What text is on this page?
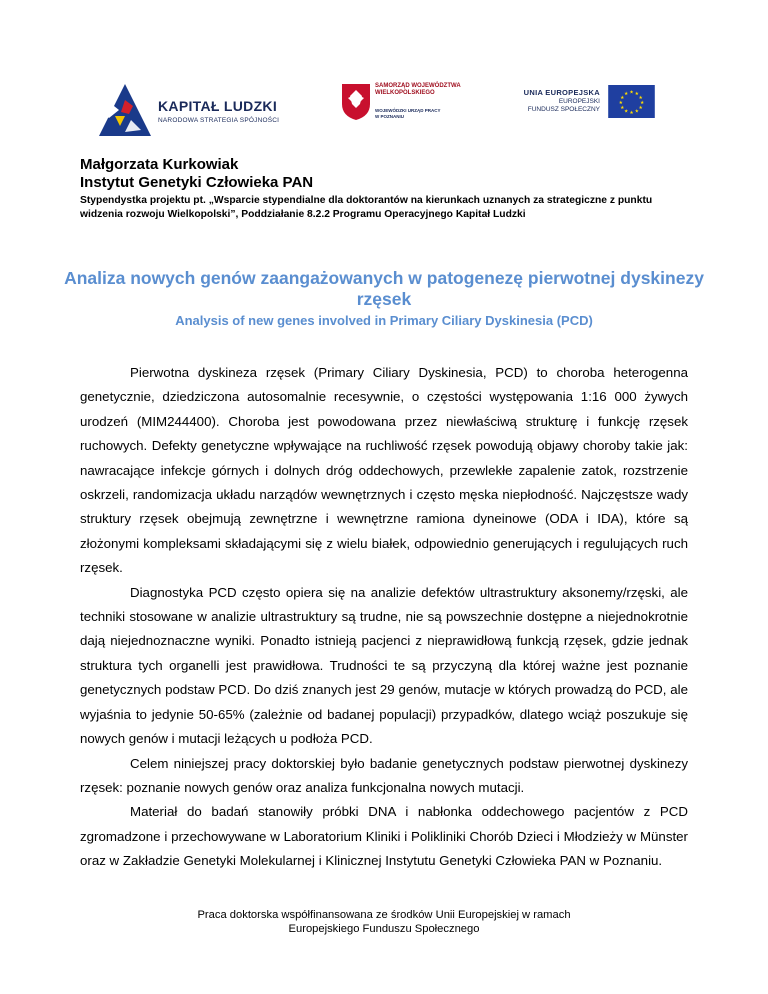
KAPITAŁ LUDZKI
NARODOWA STRATEGIA SPÓJNOŚCI
SAMORZĄD WOJEWÓDZTWA
WIELKOPOLSKIEGO
WOJEWÓDZKI URZĄD PRACY
W POZNANIU
UNIA EUROPEJSKA
EUROPEJSKI
FUNDUSZ SPOŁECZNY
★ ★
★
★
★
★
★
★
★
★
★
★
Małgorzata Kurkowiak
Instytut Genetyki Człowieka PAN
Stypendystka projektu pt. „Wsparcie stypendialne dla doktorantów na kierunkach uznanych za strategiczne z punktu widzenia rozwoju Wielkopolski”, Poddziałanie 8.2.2 Programu Operacyjnego Kapitał Ludzki
Analiza nowych genów zaangażowanych w patogenezę pierwotnej dyskinezy rzęsek
Analysis of new genes involved in Primary Ciliary Dyskinesia (PCD)

Pierwotna dyskineza rzęsek (Primary Ciliary Dyskinesia, PCD) to choroba heterogenna genetycznie, dziedziczona autosomalnie recesywnie, o częstości występowania 1:16 000 żywych urodzeń (MIM244400). Choroba jest powodowana przez niewłaściwą strukturę i funkcję rzęsek ruchowych. Defekty genetyczne wpływające na ruchliwość rzęsek powodują objawy choroby takie jak: nawracające infekcje górnych i dolnych dróg oddechowych, przewlekłe zapalenie zatok, rozstrzenie oskrzeli, randomizacja układu narządów wewnętrznych i często męska niepłodność. Najczęstsze wady struktury rzęsek obejmują zewnętrzne i wewnętrzne ramiona dyneinowe (ODA i IDA), które są złożonymi kompleksami składającymi się z wielu białek, odpowiednio generujących i regulujących ruch rzęsek.

Diagnostyka PCD często opiera się na analizie defektów ultrastruktury aksonemy/rzęski, ale techniki stosowane w analizie ultrastruktury są trudne, nie są powszechnie dostępne a niejednokrotnie dają niejednoznaczne wyniki. Ponadto istnieją pacjenci z nieprawidłową funkcją rzęsek, gdzie jednak struktura tych organelli jest prawidłowa. Trudności te są przyczyną dla której ważne jest poznanie genetycznych podstaw PCD. Do dziś znanych jest 29 genów, mutacje w których prowadzą do PCD, ale wyjaśnia to jedynie 50-65% (zależnie od badanej populacji) przypadków, dlatego wciąż poszukuje się nowych genów i mutacji leżących u podłoża PCD.

Celem niniejszej pracy doktorskiej było badanie genetycznych podstaw pierwotnej dyskinezy rzęsek: poznanie nowych genów oraz analiza funkcjonalna nowych mutacji.

Materiał do badań stanowiły próbki DNA i nabłonka oddechowego pacjentów z PCD zgromadzone i przechowywane w Laboratorium Kliniki i Polikliniki Chorób Dzieci i Młodzieży w Münster oraz w Zakładzie Genetyki Molekularnej i Klinicznej Instytutu Genetyki Człowieka PAN w Poznaniu.

Praca doktorska współfinansowana ze środków Unii Europejskiej w ramach
Europejskiego Funduszu Społecznego
